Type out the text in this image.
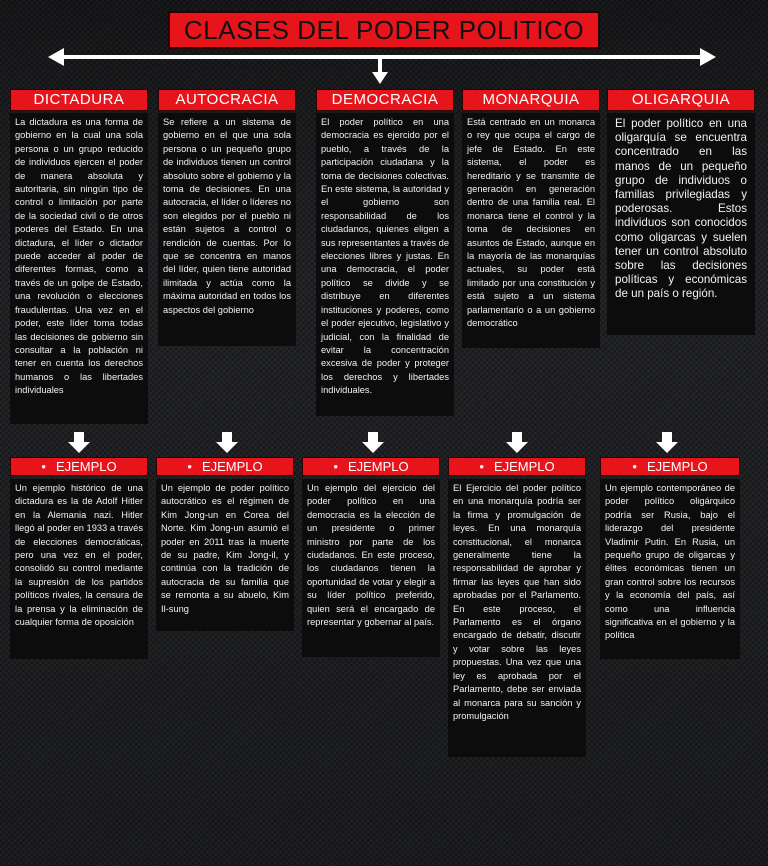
CLASES DEL PODER POLITICO
DICTADURA	AUTOCRACIA	DEMOCRACIA	MONARQUIA	OLIGARQUIA
La dictadura es una forma de gobierno en la cual una sola persona o un grupo reducido de individuos ejercen el poder de manera absoluta y autoritaria, sin ningún tipo de control o limitación por parte de la sociedad civil o de otros poderes del Estado. En una dictadura, el líder o dictador puede acceder al poder de diferentes formas, como a través de un golpe de Estado, una revolución o elecciones fraudulentas. Una vez en el poder, este líder toma todas las decisiones de gobierno sin consultar a la población ni tener en cuenta los derechos humanos o las libertades individuales
Se refiere a un sistema de gobierno en el que una sola persona o un pequeño grupo de individuos tienen un control absoluto sobre el gobierno y la toma de decisiones. En una autocracia, el líder o líderes no son elegidos por el pueblo ni están sujetos a control o rendición de cuentas. Por lo que se concentra en manos del líder, quien tiene autoridad ilimitada y actúa como la máxima autoridad en todos los aspectos del gobierno
El poder político en una democracia es ejercido por el pueblo, a través de la participación ciudadana y la toma de decisiones colectivas. En este sistema, la autoridad y el gobierno son responsabilidad de los ciudadanos, quienes eligen a sus representantes a través de elecciones libres y justas. En una democracia, el poder político se divide y se distribuye en diferentes instituciones y poderes, como el poder ejecutivo, legislativo y judicial, con la finalidad de evitar la concentración excesiva de poder y proteger los derechos y libertades individuales.
Está centrado en un monarca o rey que ocupa el cargo de jefe de Estado. En este sistema, el poder es hereditario y se transmite de generación en generación dentro de una familia real. El monarca tiene el control y la toma de decisiones en asuntos de Estado, aunque en la mayoría de las monarquías actuales, su poder está limitado por una constitución y está sujeto a un sistema parlamentario o a un gobierno democrático
El poder político en una oligarquía se encuentra concentrado en las manos de un pequeño grupo de individuos o familias privilegiadas y poderosas. Estos individuos son conocidos como oligarcas y suelen tener un control absoluto sobre las decisiones políticas y económicas de un país o región.
• EJEMPLO	• EJEMPLO	• EJEMPLO	• EJEMPLO	• EJEMPLO
Un ejemplo histórico de una dictadura es la de Adolf Hitler en la Alemania nazi. Hitler llegó al poder en 1933 a través de elecciones democráticas, pero una vez en el poder, consolidó su control mediante la supresión de los partidos políticos rivales, la censura de la prensa y la eliminación de cualquier forma de oposición
Un ejemplo de poder político autocrático es el régimen de Kim Jong-un en Corea del Norte. Kim Jong-un asumió el poder en 2011 tras la muerte de su padre, Kim Jong-il, y continúa con la tradición de autocracia de su familia que se remonta a su abuelo, Kim Il-sung
Un ejemplo del ejercicio del poder político en una democracia es la elección de un presidente o primer ministro por parte de los ciudadanos. En este proceso, los ciudadanos tienen la oportunidad de votar y elegir a su líder político preferido, quien será el encargado de representar y gobernar al país.
El Ejercicio del poder político en una monarquía podría ser la firma y promulgación de leyes. En una monarquía constitucional, el monarca generalmente tiene la responsabilidad de aprobar y firmar las leyes que han sido aprobadas por el Parlamento. En este proceso, el Parlamento es el órgano encargado de debatir, discutir y votar sobre las leyes propuestas. Una vez que una ley es aprobada por el Parlamento, debe ser enviada al monarca para su sanción y promulgación
Un ejemplo contemporáneo de poder político oligárquico podría ser Rusia, bajo el liderazgo del presidente Vladimir Putin. En Rusia, un pequeño grupo de oligarcas y élites económicas tienen un gran control sobre los recursos y la economía del país, así como una influencia significativa en el gobierno y la política
